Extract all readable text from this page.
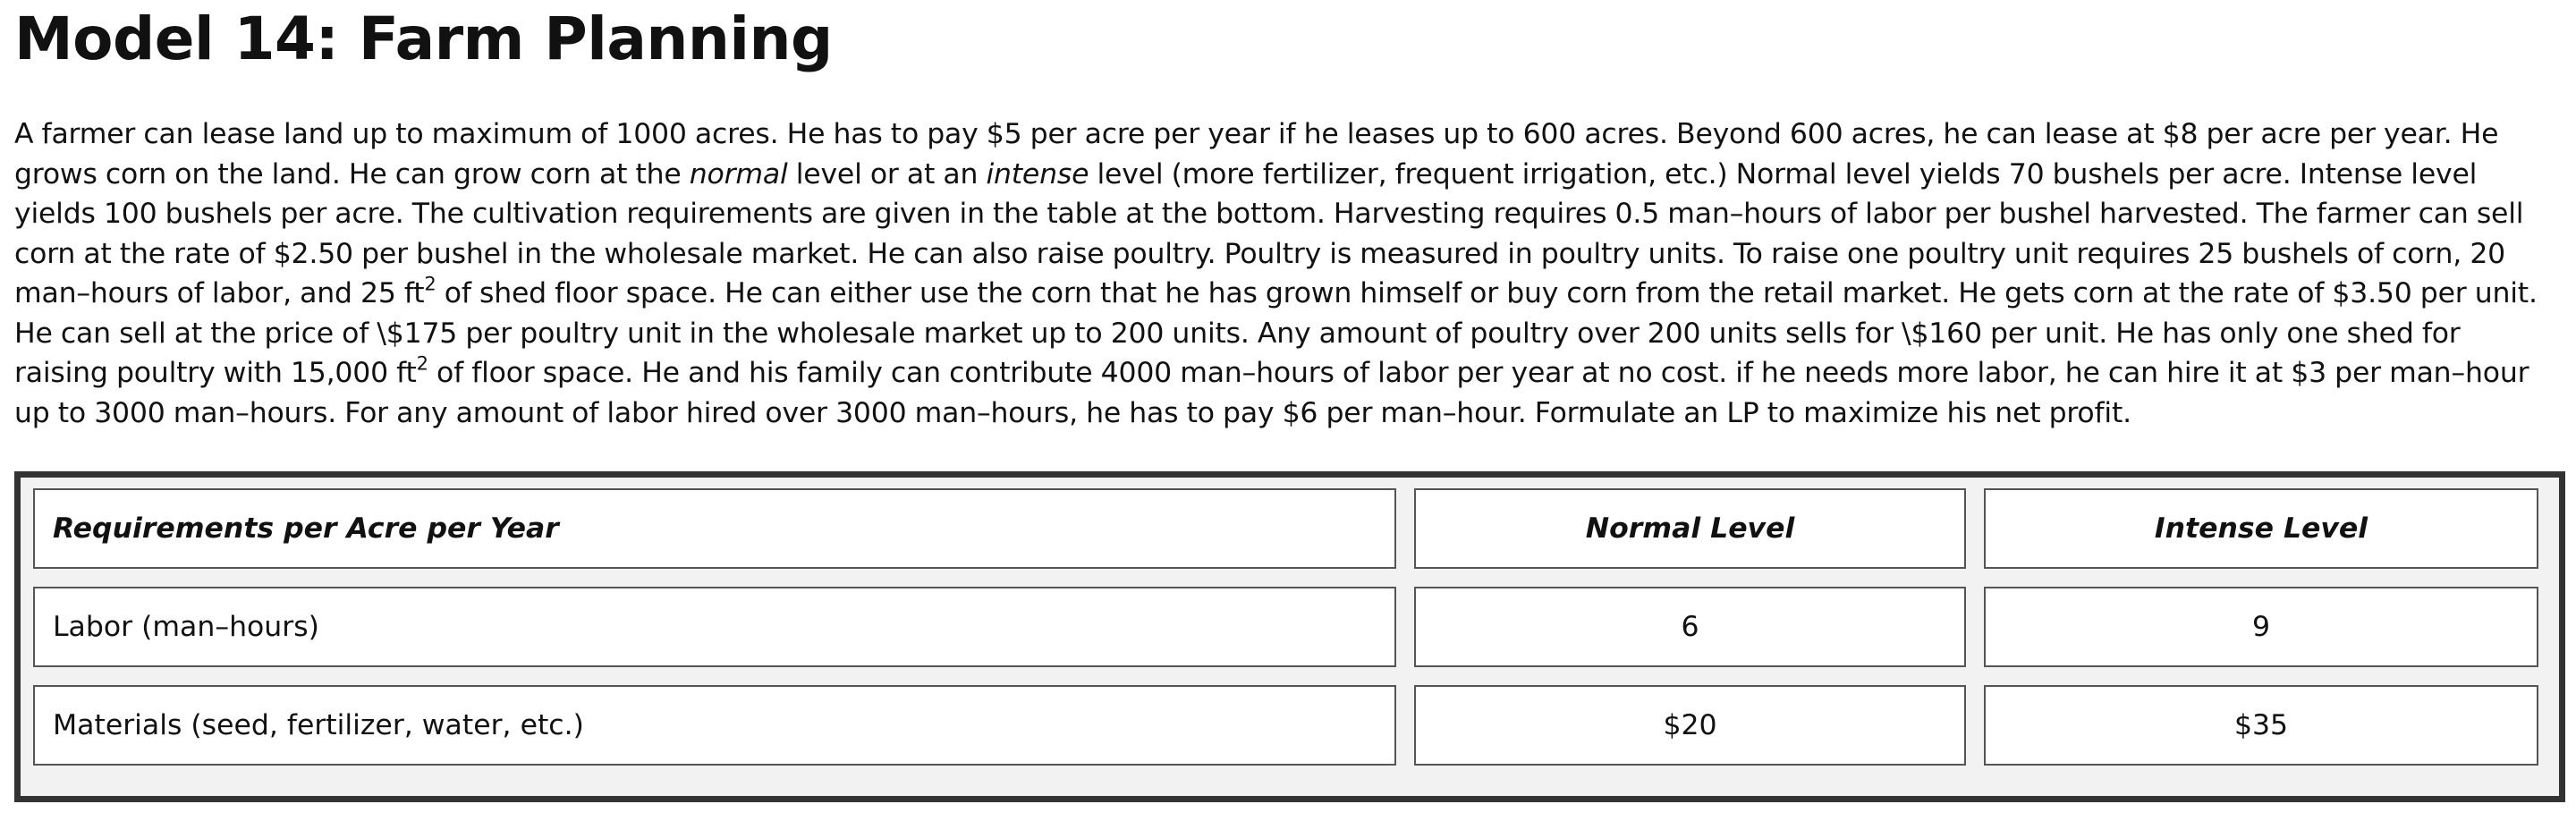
Model 14: Farm Planning

A farmer can lease land up to maximum of 1000 acres. He has to pay $5 per acre per year if he leases up to 600 acres. Beyond 600 acres, he can lease at $8 per acre per year. He grows corn on the land. He can grow corn at the normal level or at an intense level (more fertilizer, frequent irrigation, etc.) Normal level yields 70 bushels per acre. Intense level yields 100 bushels per acre. The cultivation requirements are given in the table at the bottom. Harvesting requires 0.5 man–hours of labor per bushel harvested. The farmer can sell corn at the rate of $2.50 per bushel in the wholesale market. He can also raise poultry. Poultry is measured in poultry units. To raise one poultry unit requires 25 bushels of corn, 20 man–hours of labor, and 25 $ft^2$ of shed floor space. He can either use the corn that he has grown himself or buy corn from the retail market. He gets corn at the rate of $3.50 per unit. He can sell at the price of \$175 per poultry unit in the wholesale market up to 200 units. Any amount of poultry over 200 units sells for \$160 per unit. He has only one shed for raising poultry with 15,000 $ft^2$ of floor space. He and his family can contribute 4000 man–hours of labor per year at no cost. if he needs more labor, he can hire it at $3 per man–hour up to 3000 man–hours. For any amount of labor hired over 3000 man–hours, he has to pay $6 per man–hour. Formulate an LP to maximize his net profit.

Requirements per Acre per Year	Normal Level	Intense Level
Labor (man–hours)	6	9
Materials (seed, fertilizer, water, etc.)	$20	$35
